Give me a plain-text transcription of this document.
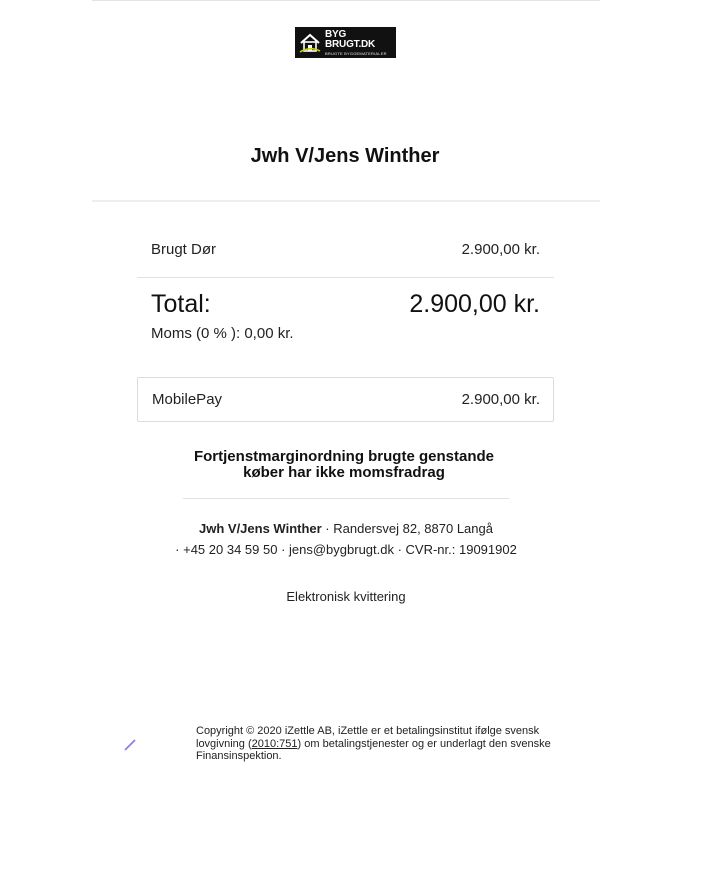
BYG BRUGT.DK
BRUGTE BYGGEMATERIALER
Jwh V/Jens Winther
Brugt Dør	2.900,00 kr.
Total:	2.900,00 kr.
Moms (0 % ): 0,00 kr.
MobilePay	2.900,00 kr.
Fortjenstmarginordning brugte genstande
køber har ikke momsfradrag
Jwh V/Jens Winther · Randersvej 82, 8870 Langå
· +45 20 34 59 50 · jens@bygbrugt.dk · CVR-nr.: 19091902
Elektronisk kvittering
Copyright © 2020 iZettle AB, iZettle er et betalingsinstitut ifølge svensk lovgivning (2010:751) om betalingstjenester og er underlagt den svenske Finansinspektion.
